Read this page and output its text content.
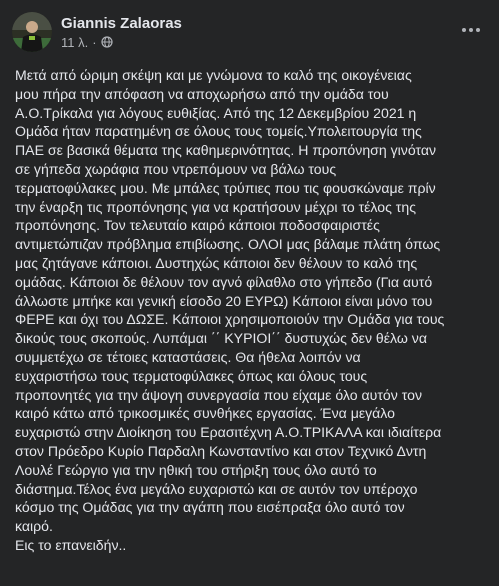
Giannis Zalaoras
11 λ. ·
Μετά από ώριμη σκέψη και με γνώμονα το καλό της οικογένειας
μου πήρα την απόφαση να αποχωρήσω από την ομάδα του
Α.Ο.Τρίκαλα για λόγους ευθιξίας. Από της 12 Δεκεμβρίου 2021 η
Ομάδα ήταν παρατημένη σε όλους τους τομείς.Υπολειτουργία της
ΠΑΕ σε βασικά θέματα της καθημερινότητας. Η προπόνηση γινόταν
σε γήπεδα χωράφια που ντρεπόμουν να βάλω τους
τερματοφύλακες μου. Με μπάλες τρύπιες που τις φουσκώναμε πρίν
την έναρξη τις προπόνησης για να κρατήσουν μέχρι το τέλος της
προπόνησης. Τον τελευταίο καιρό κάποιοι ποδοσφαιριστές
αντιμετώπιζαν πρόβλημα επιβίωσης. ΟΛΟΙ μας βάλαμε πλάτη όπως
μας ζητάγανε κάποιοι. Δυστηχώς κάποιοι δεν θέλουν το καλό της
ομάδας. Κάποιοι δε θέλουν τον αγνό φίλαθλο στο γήπεδο (Για αυτό
άλλωστε μπήκε και γενική είσοδο 20 ΕΥΡΩ) Κάποιοι είναι μόνο του
ΦΕΡΕ και όχι του ΔΩΣΕ. Κάποιοι χρησιμοποιούν την Ομάδα για τους
δικούς τους σκοπούς. Λυπάμαι ΄΄ ΚΥΡΙΟΙ΄΄ δυστυχώς δεν θέλω να
συμμετέχω σε τέτοιες καταστάσεις. Θα ήθελα λοιπόν να
ευχαριστήσω τους τερματοφύλακες όπως και όλους τους
προπονητές για την άψογη συνεργασία που είχαμε όλο αυτόν τον
καιρό κάτω από τρικοσμικές συνθήκες εργασίας. Ένα μεγάλο
ευχαριστώ στην Διοίκηση του Ερασιτέχνη Α.Ο.ΤΡΙΚΑΛΑ και ιδιαίτερα
στον Πρόεδρο Κυρίο Παρδαλη Κωνσταντίνο και στον Τεχνικό Δντη
Λουλέ Γεώργιο για την ηθική του στήριξη τους όλο αυτό το
διάστημα.Τέλος ένα μεγάλο ευχαριστώ και σε αυτόν τον υπέροχο
κόσμο της Ομάδας για την αγάπη που εισέπραξα όλο αυτό τον
καιρό.
Εις το επανειδήν..
